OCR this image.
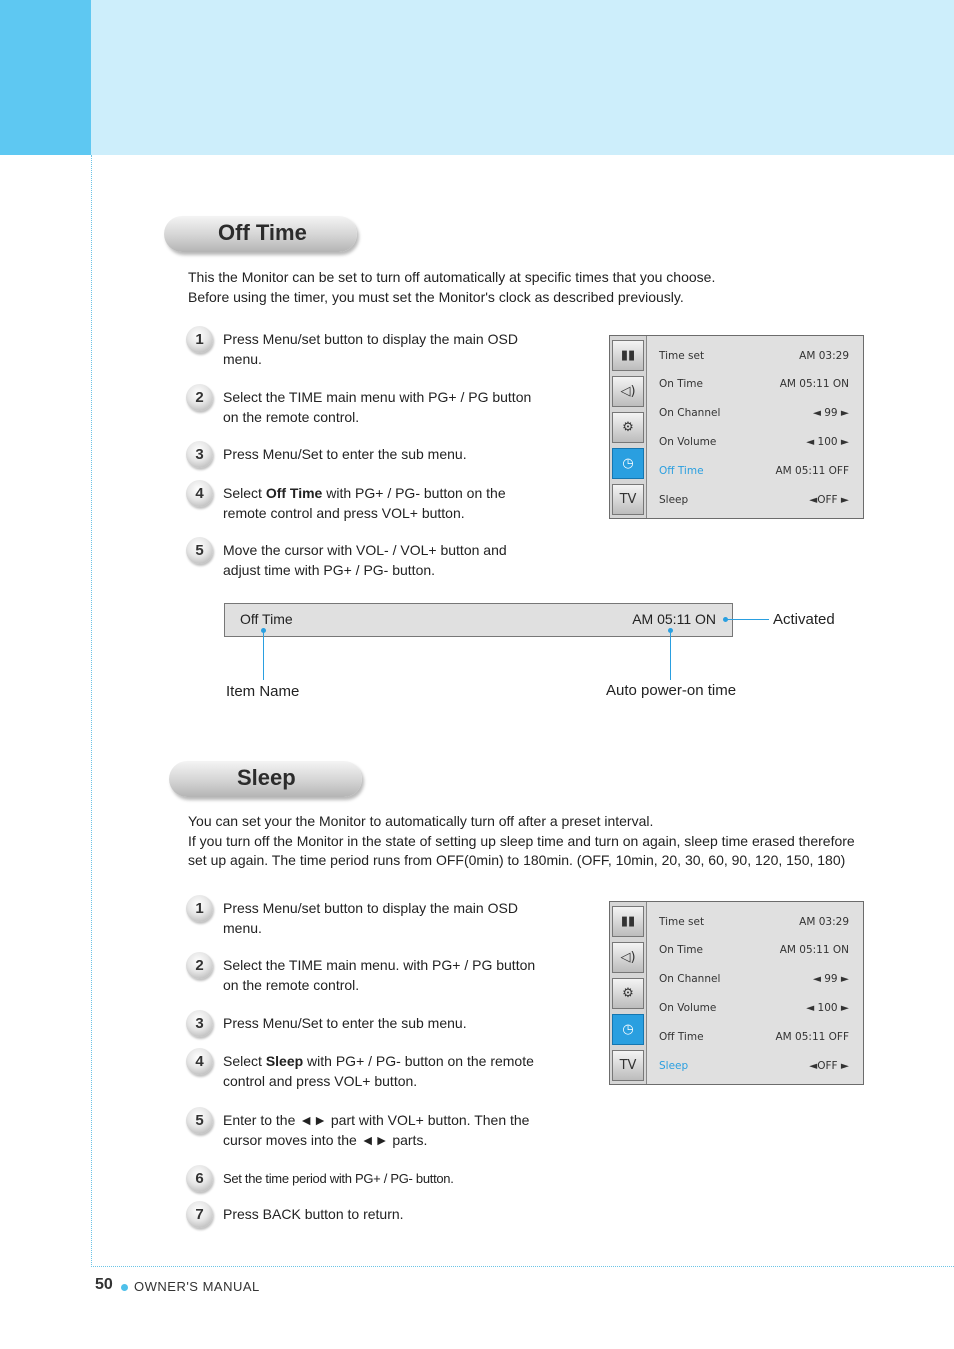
Off Time
This the Monitor can be set to turn off automatically at specific times that you choose.
Before using the timer, you must set the Monitor's clock as described previously.
1	Press Menu/set button to display the main OSD menu.
2	Select the TIME main menu with PG+ / PG button on the remote control.
3	Press Menu/Set to enter the sub menu.
4	Select Off Time with PG+ / PG- button on the remote control and press VOL+ button.
5	Move the cursor with VOL- / VOL+ button and adjust time with PG+ / PG- button.
▮▮
◁)
⚙
◷
TV
Time set	AM 03:29
On Time	AM 05:11 ON
On Channel	◄ 99 ►
On Volume	◄ 100 ►
Off Time	AM 05:11 OFF
Sleep	◄OFF ►
Off Time	AM 05:11 ON	Activated
Item Name	Auto power-on time
Sleep
You can set your the Monitor to automatically turn off after a preset interval.
If you turn off the Monitor in the state of setting up sleep time and turn on again, sleep time erased therefore
set up again. The time period runs from OFF(0min) to 180min. (OFF, 10min, 20, 30, 60, 90, 120, 150, 180)
1	Press Menu/set button to display the main OSD menu.
2	Select the TIME main menu. with PG+ / PG button on the remote control.
3	Press Menu/Set to enter the sub menu.
4	Select Sleep with PG+ / PG- button on the remote control and press VOL+ button.
5	Enter to the ◄► part with VOL+ button. Then the cursor moves into the ◄► parts.
6	Set the time period with PG+ / PG- button.
7	Press BACK button to return.
▮▮
◁)
⚙
◷
TV
Time set	AM 03:29
On Time	AM 05:11 ON
On Channel	◄ 99 ►
On Volume	◄ 100 ►
Off Time	AM 05:11 OFF
Sleep	◄OFF ►
50 OWNER'S MANUAL
